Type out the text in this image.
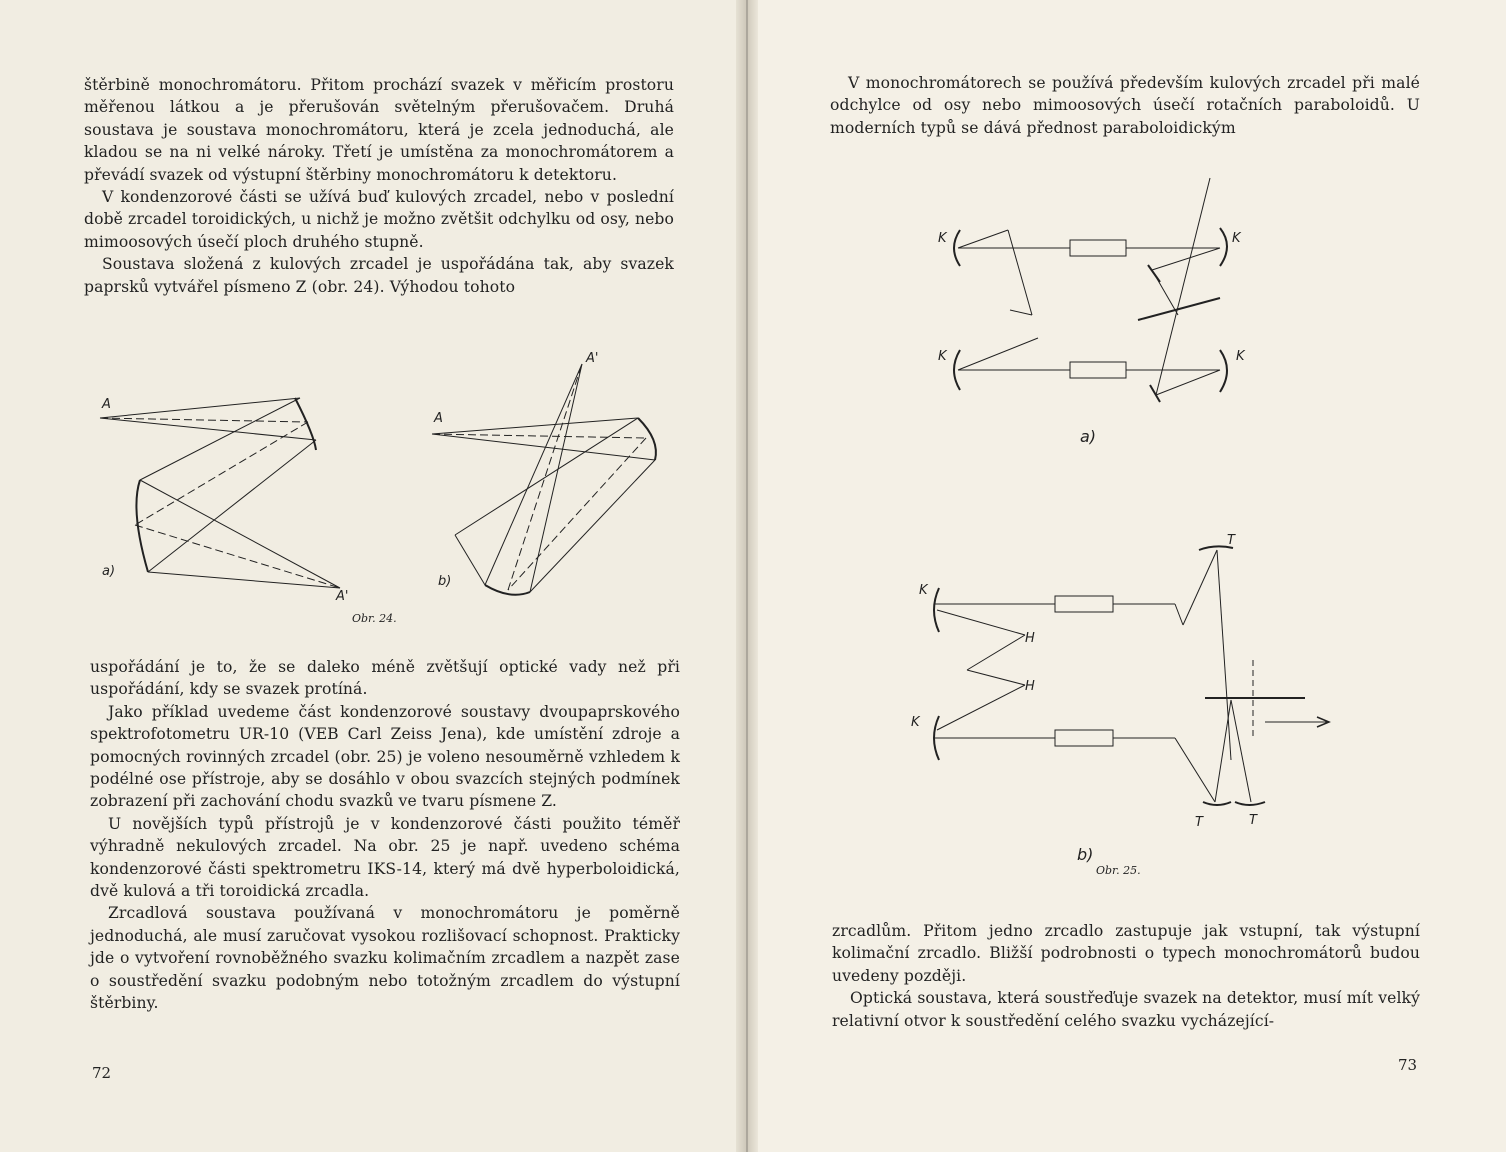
štěrbině monochromátoru. Přitom prochází svazek v měřicím prostoru měřenou látkou a je přerušován světelným přerušovačem. Druhá soustava je soustava monochromátoru, která je zcela jednoduchá, ale kladou se na ni velké nároky. Třetí je umístěna za monochromátorem a převádí svazek od výstupní štěrbiny monochromátoru k detektoru.

V kondenzorové části se užívá buď kulových zrcadel, nebo v poslední době zrcadel toroidických, u nichž je možno zvětšit odchylku od osy, nebo mimoosových úsečí ploch druhého stupně.

Soustava složená z kulových zrcadel je uspořádána tak, aby svazek paprsků vytvářel písmeno Z (obr. 24). Výhodou tohoto

A
A'
a)
A
A'
b)
Obr. 24.

uspořádání je to, že se daleko méně zvětšují optické vady než při uspořádání, kdy se svazek protíná.

Jako příklad uvedeme část kondenzorové soustavy dvoupaprskového spektrofotometru UR-10 (VEB Carl Zeiss Jena), kde umístění zdroje a pomocných rovinných zrcadel (obr. 25) je voleno nesouměrně vzhledem k podélné ose přístroje, aby se dosáhlo v obou svazcích stejných podmínek zobrazení při zachování chodu svazků ve tvaru písmene Z.

U novějších typů přístrojů je v kondenzorové části použito téměř výhradně nekulových zrcadel. Na obr. 25 je např. uvedeno schéma kondenzorové části spektrometru IKS-14, který má dvě hyperboloidická, dvě kulová a tři toroidická zrcadla.

Zrcadlová soustava používaná v monochromátoru je poměrně jednoduchá, ale musí zaručovat vysokou rozlišovací schopnost. Prakticky jde o vytvoření rovnoběžného svazku kolimačním zrcadlem a nazpět zase o soustředění svazku podobným nebo totožným zrcadlem do výstupní štěrbiny.

72

V monochromátorech se používá především kulových zrcadel při malé odchylce od osy nebo mimoosových úsečí rotačních paraboloidů. U moderních typů se dává přednost paraboloidickým

K	K
K	K
a)
K
K
H
H
T
T	T
b)
Obr. 25.

zrcadlům. Přitom jedno zrcadlo zastupuje jak vstupní, tak výstupní kolimační zrcadlo. Bližší podrobnosti o typech monochromátorů budou uvedeny později.

Optická soustava, která soustřeďuje svazek na detektor, musí mít velký relativní otvor k soustředění celého svazku vycházející-

73
